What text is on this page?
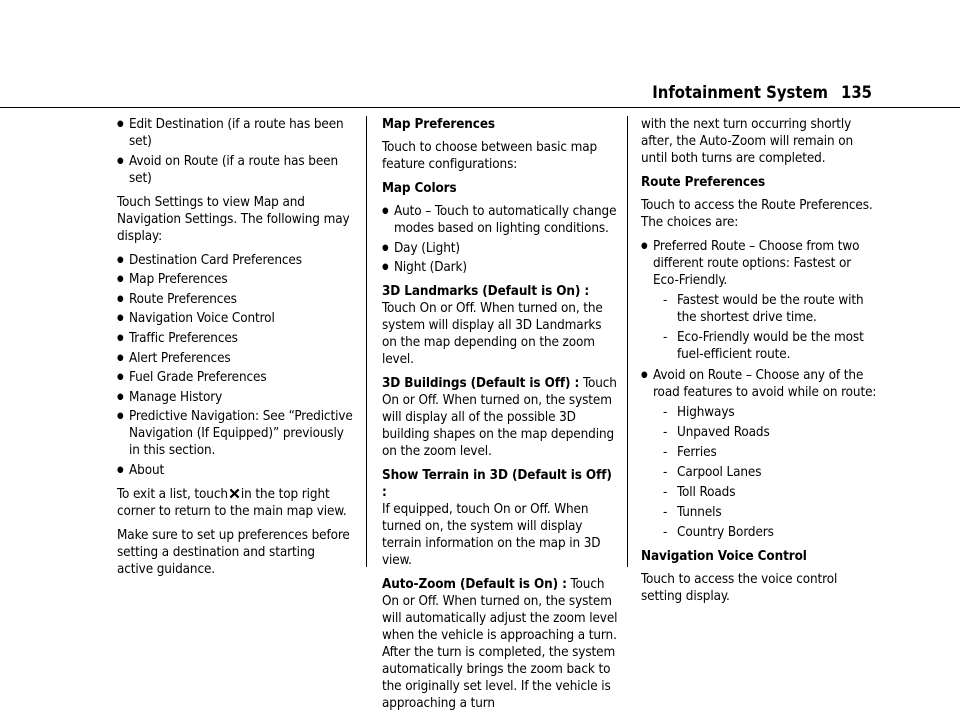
Infotainment System 135
● Edit Destination (if a route has been set)
● Avoid on Route (if a route has been set)

Touch Settings to view Map and Navigation Settings. The following may display:

● Destination Card Preferences
● Map Preferences
● Route Preferences
● Navigation Voice Control
● Traffic Preferences
● Alert Preferences
● Fuel Grade Preferences
● Manage History
● Predictive Navigation: See “Predictive Navigation (If Equipped)” previously in this section.
● About

To exit a list, touch in the top right corner to return to the main map view.

Make sure to set up preferences before setting a destination and starting active guidance.

Map Preferences

Touch to choose between basic map feature configurations:

Map Colors

● Auto – Touch to automatically change modes based on lighting conditions.
● Day (Light)
● Night (Dark)

3D Landmarks (Default is On) : Touch On or Off. When turned on, the system will display all 3D Landmarks on the map depending on the zoom level.

3D Buildings (Default is Off) : Touch On or Off. When turned on, the system will display all of the possible 3D building shapes on the map depending on the zoom level.

Show Terrain in 3D (Default is Off) :
If equipped, touch On or Off. When turned on, the system will display terrain information on the map in 3D view.

Auto-Zoom (Default is On) : Touch On or Off. When turned on, the system will automatically adjust the zoom level when the vehicle is approaching a turn. After the turn is completed, the system automatically brings the zoom back to the originally set level. If the vehicle is approaching a turn

with the next turn occurring shortly after, the Auto-Zoom will remain on until both turns are completed.

Route Preferences

Touch to access the Route Preferences. The choices are:

● Preferred Route – Choose from two different route options: Fastest or Eco-Friendly.
- Fastest would be the route with the shortest drive time.
- Eco-Friendly would be the most fuel-efficient route.
● Avoid on Route – Choose any of the road features to avoid while on route:
- Highways
- Unpaved Roads
- Ferries
- Carpool Lanes
- Toll Roads
- Tunnels
- Country Borders

Navigation Voice Control

Touch to access the voice control setting display.
